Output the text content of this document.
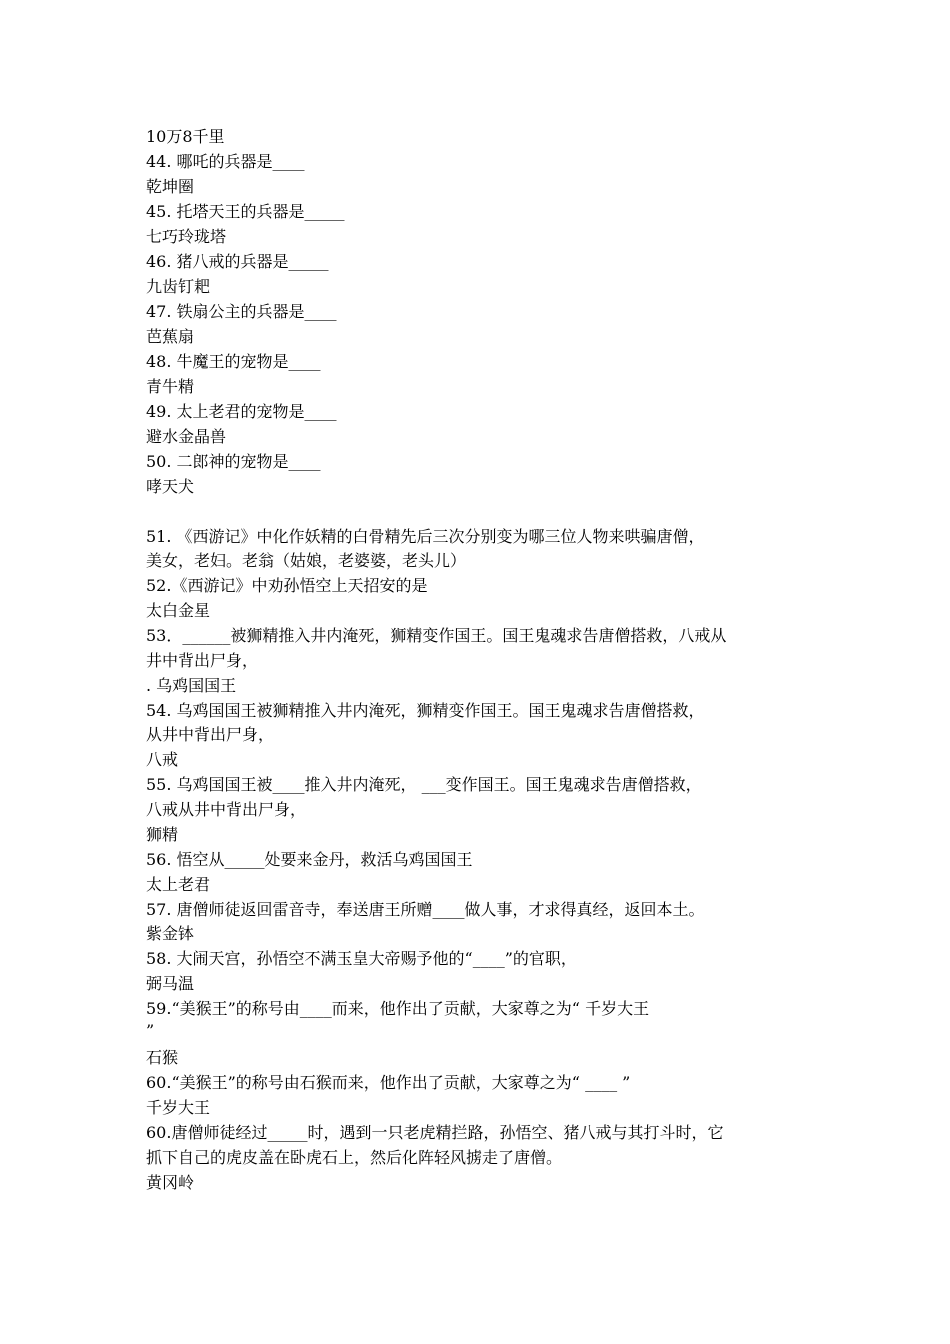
10万8千里
44. 哪吒的兵器是____
乾坤圈
45. 托塔天王的兵器是_____
七巧玲珑塔
46. 猪八戒的兵器是_____
九齿钉耙
47. 铁扇公主的兵器是____
芭蕉扇
48. 牛魔王的宠物是____
青牛精
49. 太上老君的宠物是____
避水金晶兽
50. 二郎神的宠物是____
哮天犬
51. 《西游记》中化作妖精的白骨精先后三次分别变为哪三位人物来哄骗唐僧，
美女，老妇。老翁（姑娘，老婆婆，老头儿）
52.《西游记》中劝孙悟空上天招安的是
太白金星
53．______被狮精推入井内淹死，狮精变作国王。国王鬼魂求告唐僧搭救，八戒从
井中背出尸身，
. 乌鸡国国王
54. 乌鸡国国王被狮精推入井内淹死，狮精变作国王。国王鬼魂求告唐僧搭救，
从井中背出尸身，
八戒
55. 乌鸡国国王被____推入井内淹死， ___变作国王。国王鬼魂求告唐僧搭救，
八戒从井中背出尸身，
狮精
56. 悟空从_____处要来金丹，救活乌鸡国国王
太上老君
57. 唐僧师徒返回雷音寺，奉送唐王所赠____做人事，才求得真经，返回本土。
紫金钵
58. 大闹天宫，孙悟空不满玉皇大帝赐予他的“____”的官职，
弼马温
59.“美猴王”的称号由____而来，他作出了贡献，大家尊之为“ 千岁大王
”
石猴
60.“美猴王”的称号由石猴而来，他作出了贡献，大家尊之为“ ____ ”
千岁大王
60.唐僧师徒经过_____时，遇到一只老虎精拦路，孙悟空、猪八戒与其打斗时，它
抓下自己的虎皮盖在卧虎石上，然后化阵轻风掳走了唐僧。
黄冈岭
